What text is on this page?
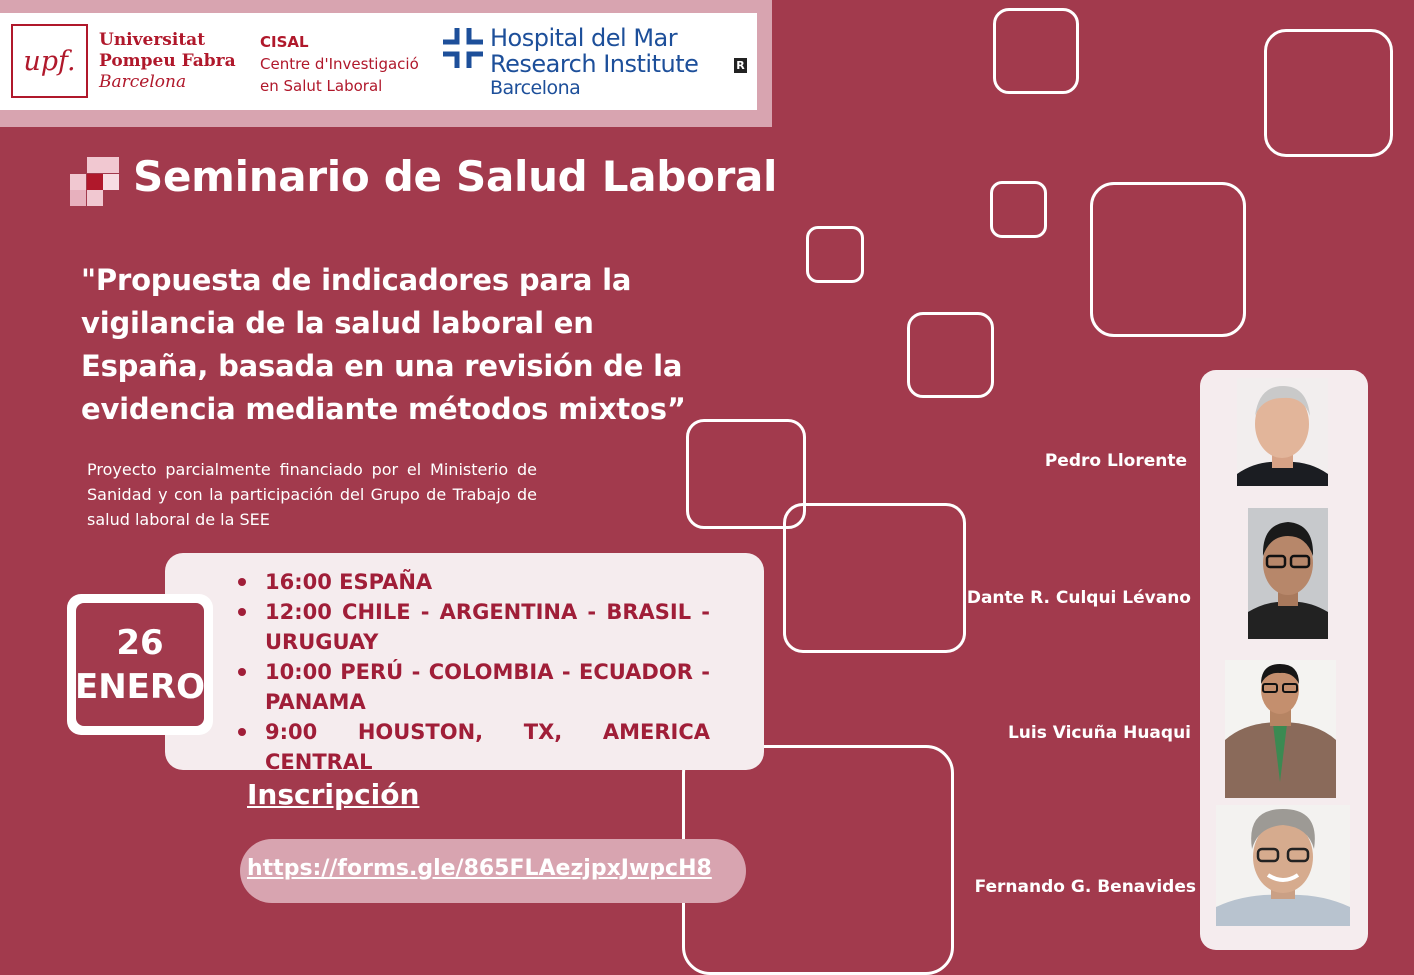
upf.
Universitat
Pompeu Fabra
Barcelona
CISAL
Centre d'Investigació
en Salut Laboral
Hospital del Mar
Research Institute
Barcelona
R
Seminario de Salud Laboral
"Propuesta de indicadores para la vigilancia de la salud laboral en España, basada en una revisión de la evidencia mediante métodos mixtos”
Proyecto parcialmente financiado por el Ministerio de Sanidad y con la participación del Grupo de Trabajo de salud laboral de la SEE
16:00 ESPAÑA
12:00 CHILE - ARGENTINA - BRASIL - URUGUAY
10:00 PERÚ - COLOMBIA - ECUADOR - PANAMA
9:00 HOUSTON, TX, AMERICA CENTRAL
26
ENERO
Inscripción
https://forms.gle/865FLAezjpxJwpcH8
Pedro Llorente
Dante R. Culqui Lévano
Luis Vicuña Huaqui
Fernando G. Benavides
